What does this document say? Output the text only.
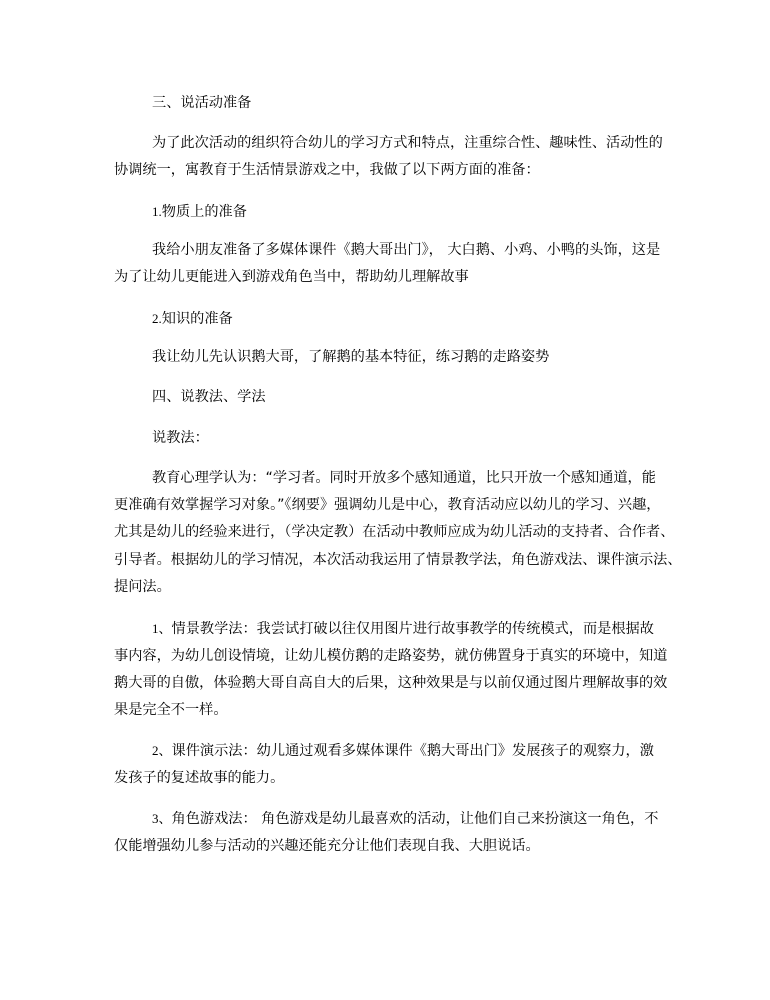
三、说活动准备
为了此次活动的组织符合幼儿的学习方式和特点，注重综合性、趣味性、活动性的
协调统一，寓教育于生活情景游戏之中，我做了以下两方面的准备：
1.物质上的准备
我给小朋友准备了多媒体课件《鹅大哥出门》， 大白鹅、小鸡、小鸭的头饰，这是
为了让幼儿更能进入到游戏角色当中，帮助幼儿理解故事
2.知识的准备
我让幼儿先认识鹅大哥，了解鹅的基本特征，练习鹅的走路姿势
四、说教法、学法
说教法：
教育心理学认为：“学习者。同时开放多个感知通道，比只开放一个感知通道，能
更准确有效掌握学习对象。”《纲要》强调幼儿是中心，教育活动应以幼儿的学习、兴趣，
尤其是幼儿的经验来进行，（学决定教）在活动中教师应成为幼儿活动的支持者、合作者、
引导者。根据幼儿的学习情况，本次活动我运用了情景教学法，角色游戏法、课件演示法、
提问法。
1、情景教学法：我尝试打破以往仅用图片进行故事教学的传统模式，而是根据故
事内容，为幼儿创设情境，让幼儿模仿鹅的走路姿势，就仿佛置身于真实的环境中，知道
鹅大哥的自傲，体验鹅大哥自高自大的后果，这种效果是与以前仅通过图片理解故事的效
果是完全不一样。
2、课件演示法：幼儿通过观看多媒体课件《鹅大哥出门》发展孩子的观察力，激
发孩子的复述故事的能力。
3、角色游戏法： 角色游戏是幼儿最喜欢的活动，让他们自己来扮演这一角色，不
仅能增强幼儿参与活动的兴趣还能充分让他们表现自我、大胆说话。
